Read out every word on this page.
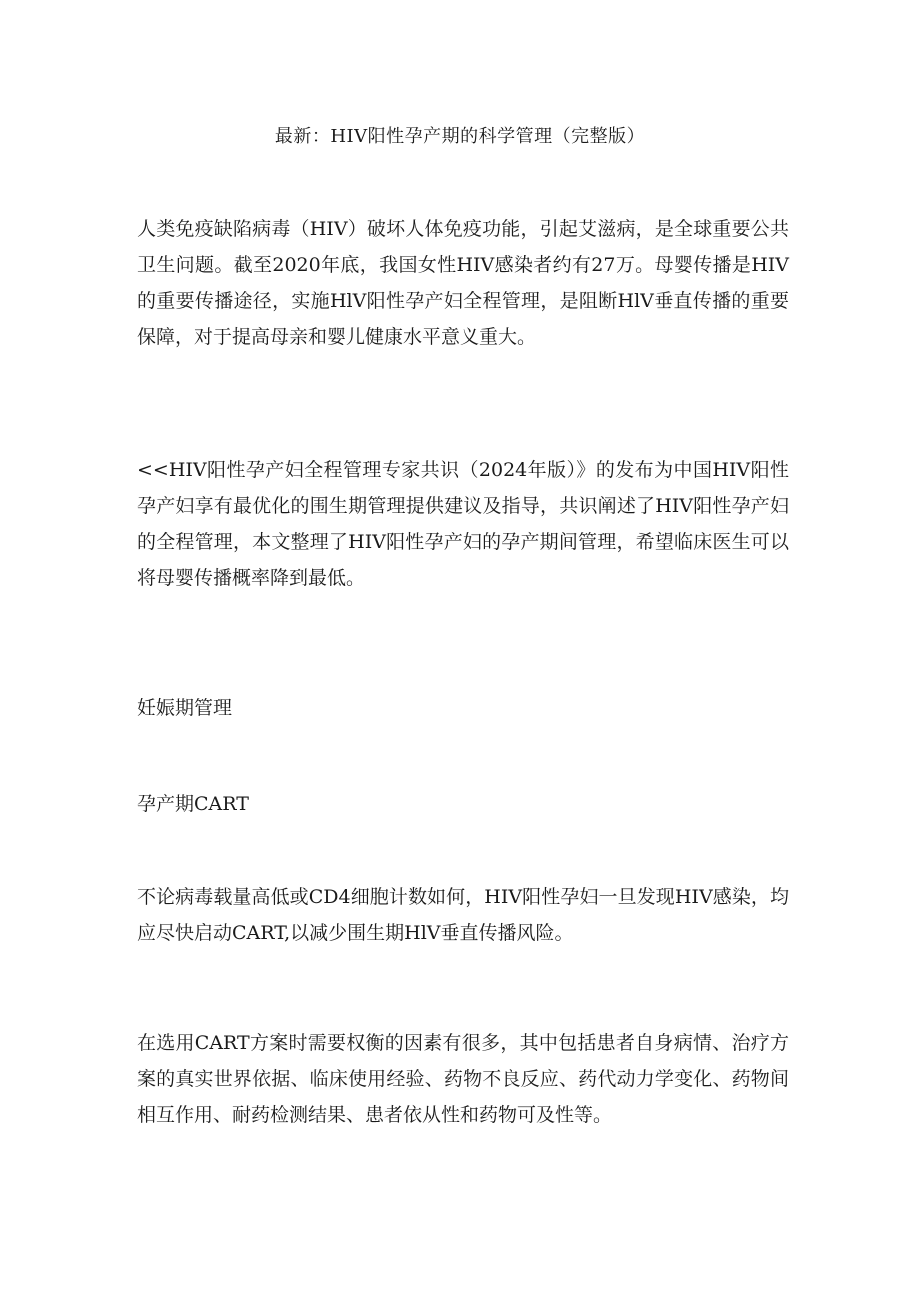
最新：HIV阳性孕产期的科学管理（完整版）

人类免疫缺陷病毒（HIV）破坏人体免疫功能，引起艾滋病，是全球重要公共卫生问题。截至2020年底，我国女性HIV感染者约有27万。母婴传播是HIV的重要传播途径，实施HlV阳性孕产妇全程管理，是阻断HlV垂直传播的重要保障，对于提高母亲和婴儿健康水平意义重大。

<<HIV阳性孕产妇全程管理专家共识（2024年版）》的发布为中国HIV阳性孕产妇享有最优化的围生期管理提供建议及指导，共识阐述了HIV阳性孕产妇的全程管理，本文整理了HIV阳性孕产妇的孕产期间管理，希望临床医生可以将母婴传播概率降到最低。

妊娠期管理

孕产期CART

不论病毒载量高低或CD4细胞计数如何，HIV阳性孕妇一旦发现HIV感染，均应尽快启动CART,以减少围生期HlV垂直传播风险。

在选用CART方案时需要权衡的因素有很多，其中包括患者自身病情、治疗方案的真实世界依据、临床使用经验、药物不良反应、药代动力学变化、药物间相互作用、耐药检测结果、患者依从性和药物可及性等。
